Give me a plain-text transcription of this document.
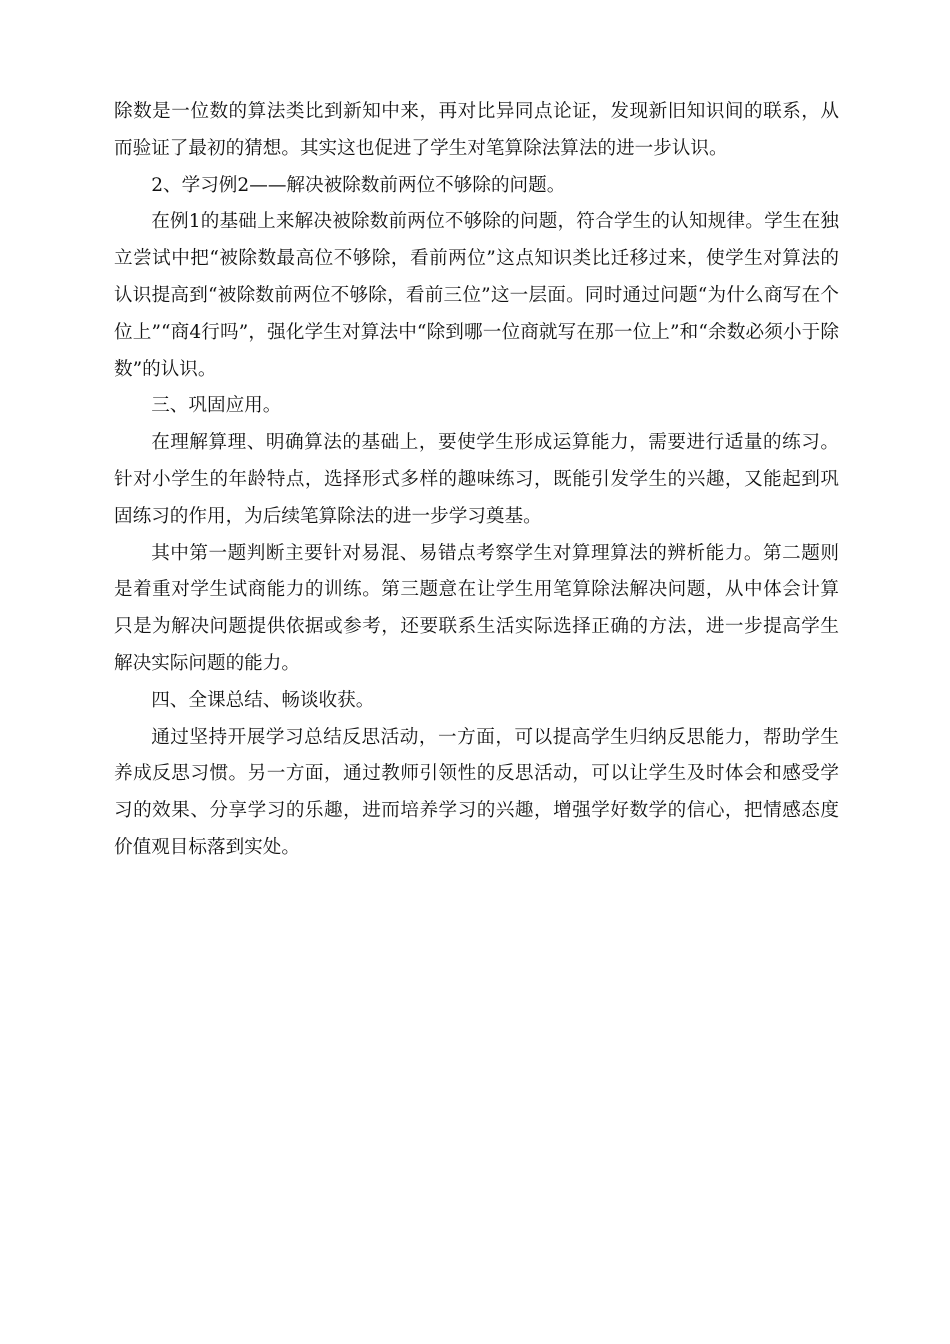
除数是一位数的算法类比到新知中来，再对比异同点论证，发现新旧知识间的联系，从而验证了最初的猜想。其实这也促进了学生对笔算除法算法的进一步认识。

2、学习例2——解决被除数前两位不够除的问题。

在例1的基础上来解决被除数前两位不够除的问题，符合学生的认知规律。学生在独立尝试中把“被除数最高位不够除，看前两位”这点知识类比迁移过来，使学生对算法的认识提高到“被除数前两位不够除，看前三位”这一层面。同时通过问题“为什么商写在个位上”“商4行吗”，强化学生对算法中“除到哪一位商就写在那一位上”和“余数必须小于除数”的认识。

三、巩固应用。

在理解算理、明确算法的基础上，要使学生形成运算能力，需要进行适量的练习。针对小学生的年龄特点，选择形式多样的趣味练习，既能引发学生的兴趣，又能起到巩固练习的作用，为后续笔算除法的进一步学习奠基。

其中第一题判断主要针对易混、易错点考察学生对算理算法的辨析能力。第二题则是着重对学生试商能力的训练。第三题意在让学生用笔算除法解决问题，从中体会计算只是为解决问题提供依据或参考，还要联系生活实际选择正确的方法，进一步提高学生解决实际问题的能力。

四、全课总结、畅谈收获。

通过坚持开展学习总结反思活动，一方面，可以提高学生归纳反思能力，帮助学生养成反思习惯。另一方面，通过教师引领性的反思活动，可以让学生及时体会和感受学习的效果、分享学习的乐趣，进而培养学习的兴趣，增强学好数学的信心，把情感态度价值观目标落到实处。
